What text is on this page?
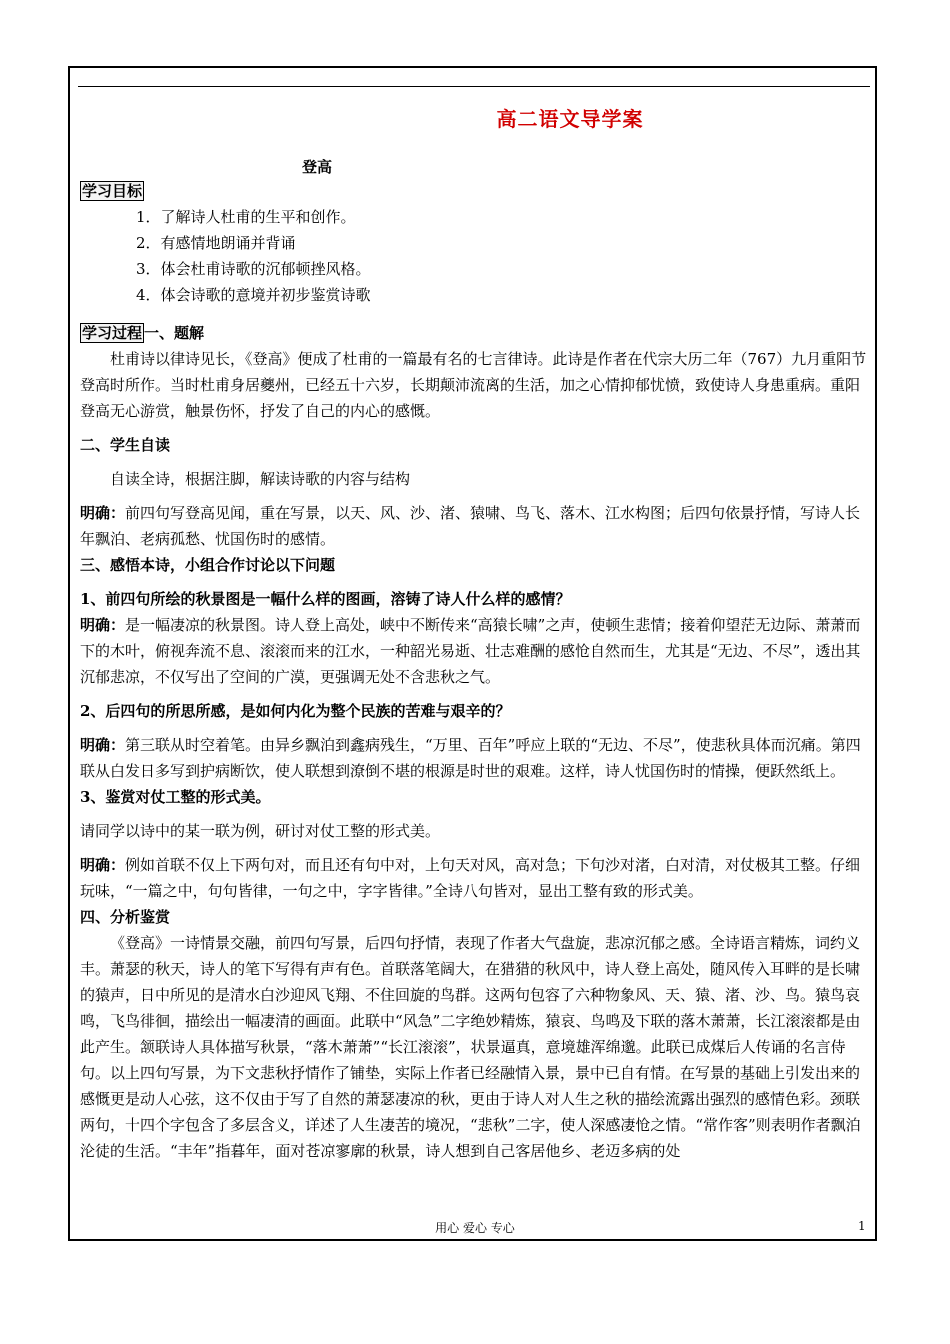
高二语文导学案
登高

学习目标

1．了解诗人杜甫的生平和创作。

2．有感情地朗诵并背诵

3．体会杜甫诗歌的沉郁顿挫风格。

4．体会诗歌的意境并初步鉴赏诗歌

学习过程 一、题解

杜甫诗以律诗见长，《登高》便成了杜甫的一篇最有名的七言律诗。此诗是作者在代宗大历二年（767）九月重阳节登高时所作。当时杜甫身居夔州，已经五十六岁，长期颠沛流离的生活，加之心情抑郁忧愤，致使诗人身患重病。重阳登高无心游赏，触景伤怀，抒发了自己的内心的感慨。

二、学生自读

自读全诗，根据注脚，解读诗歌的内容与结构

明确：前四句写登高见闻，重在写景，以天、风、沙、渚、猿啸、鸟飞、落木、江水构图；后四句依景抒情，写诗人长年飘泊、老病孤愁、忧国伤时的感情。

三、感悟本诗，小组合作讨论以下问题

1、前四句所绘的秋景图是一幅什么样的图画，溶铸了诗人什么样的感情？

明确：是一幅凄凉的秋景图。诗人登上高处，峡中不断传来“高猿长啸”之声，使顿生悲情；接着仰望茫无边际、萧萧而下的木叶，俯视奔流不息、滚滚而来的江水，一种韶光易逝、壮志难酬的感怆自然而生，尤其是“无边、不尽”，透出其沉郁悲凉，不仅写出了空间的广漠，更强调无处不含悲秋之气。

2、后四句的所思所感，是如何内化为整个民族的苦难与艰辛的？

明确：第三联从时空着笔。由异乡飘泊到鑫病残生，“万里、百年”呼应上联的“无边、不尽”，使悲秋具体而沉痛。第四联从白发日多写到护病断饮，使人联想到潦倒不堪的根源是时世的艰难。这样，诗人忧国伤时的情操，便跃然纸上。

3、鉴赏对仗工整的形式美。

请同学以诗中的某一联为例，研讨对仗工整的形式美。

明确：例如首联不仅上下两句对，而且还有句中对，上句天对风，高对急；下句沙对渚，白对清，对仗极其工整。仔细玩味，“一篇之中，句句皆律，一句之中，字字皆律。”全诗八句皆对，显出工整有致的形式美。

四、分析鉴赏

《登高》一诗情景交融，前四句写景，后四句抒情，表现了作者大气盘旋，悲凉沉郁之感。全诗语言精炼，词约义丰。萧瑟的秋天，诗人的笔下写得有声有色。首联落笔阔大，在猎猎的秋风中，诗人登上高处，随风传入耳畔的是长啸的猿声，日中所见的是清水白沙迎风飞翔、不住回旋的鸟群。这两句包容了六种物象风、天、猿、渚、沙、鸟。猿鸟哀鸣，飞鸟徘徊，描绘出一幅凄清的画面。此联中“风急”二字绝妙精炼，猿哀、鸟鸣及下联的落木萧萧，长江滚滚都是由此产生。颔联诗人具体描写秋景，“落木萧萧”“长江滚滚”，状景逼真，意境雄浑绵邈。此联已成煤后人传诵的名言侍句。以上四句写景，为下文悲秋抒情作了铺垫，实际上作者已经融情入景，景中已自有情。在写景的基础上引发出来的感慨更是动人心弦，这不仅由于写了自然的萧瑟凄凉的秋，更由于诗人对人生之秋的描绘流露出强烈的感情色彩。颈联两句，十四个字包含了多层含义，详述了人生凄苦的境况，“悲秋”二字，使人深感凄怆之情。“常作客”则表明作者飘泊沦徒的生活。“丰年”指暮年，面对苍凉寥廓的秋景，诗人想到自己客居他乡、老迈多病的处

用心 爱心 专心	1
